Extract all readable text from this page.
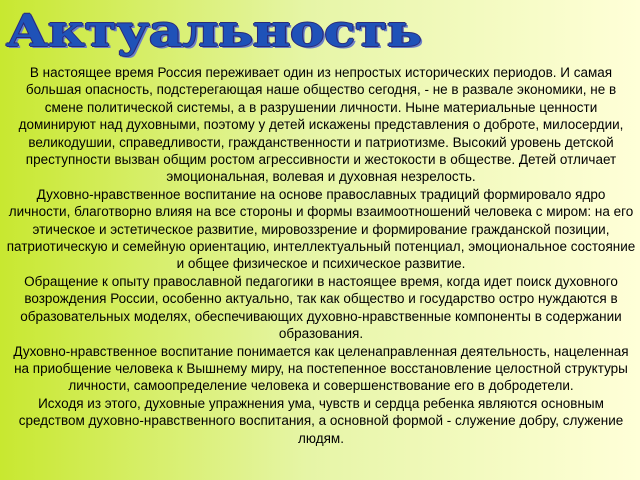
Актуальность

В настоящее время Россия переживает один из непростых исторических периодов. И самая большая опасность, подстерегающая наше общество сегодня, - не в развале экономики, не в смене политической системы, а в разрушении личности. Ныне материальные ценности доминируют над духовными, поэтому у детей искажены представления о доброте, милосердии, великодушии, справедливости, гражданственности и патриотизме. Высокий уровень детской преступности вызван общим ростом агрессивности и жестокости в обществе. Детей отличает эмоциональная, волевая и духовная незрелость.

Духовно-нравственное воспитание на основе православных традиций формировало ядро личности, благотворно влияя на все стороны и формы взаимоотношений человека с миром: на его этическое и эстетическое развитие, мировоззрение и формирование гражданской позиции, патриотическую и семейную ориентацию, интеллектуальный потенциал, эмоциональное состояние и общее физическое и психическое развитие.

Обращение к опыту православной педагогики в настоящее время, когда идет поиск духовного возрождения России, особенно актуально, так как общество и государство остро нуждаются в образовательных моделях, обеспечивающих духовно-нравственные компоненты в содержании образования.

Духовно-нравственное воспитание понимается как целенаправленная деятельность, нацеленная на приобщение человека к Вышнему миру, на постепенное восстановление целостной структуры личности, самоопределение человека и совершенствование его в добродетели.

Исходя из этого, духовные упражнения ума, чувств и сердца ребенка являются основным средством духовно-нравственного воспитания, а основной формой - служение добру, служение людям.
